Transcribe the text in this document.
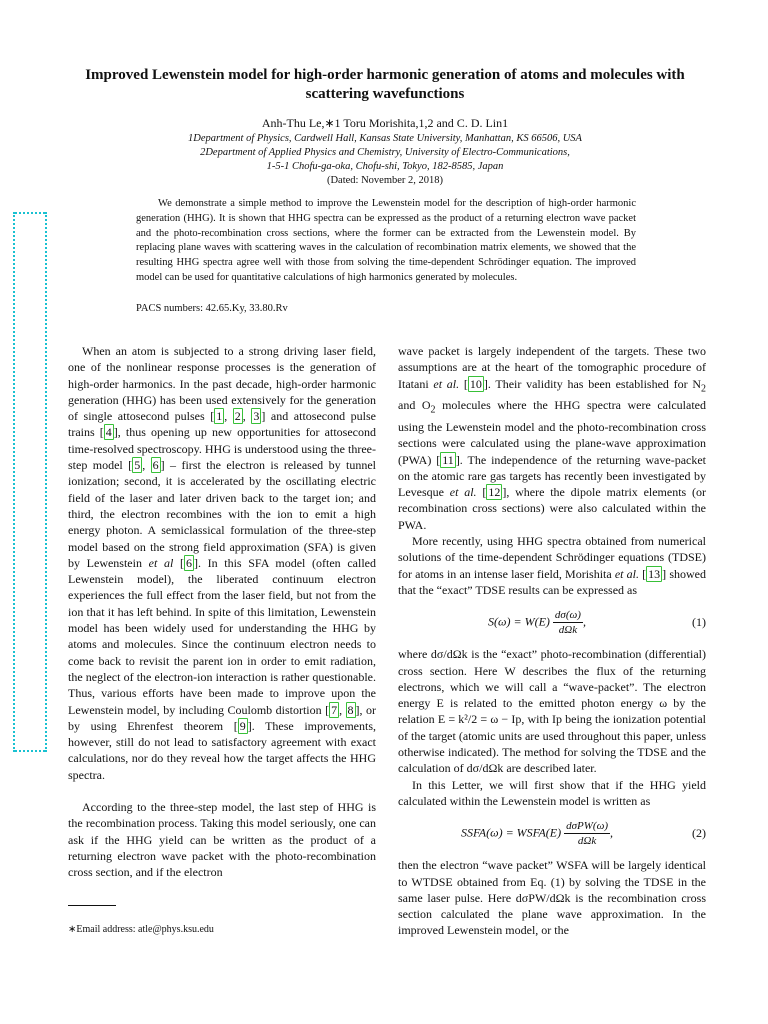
Improved Lewenstein model for high-order harmonic generation of atoms and molecules with scattering wavefunctions
Anh-Thu Le,∗1 Toru Morishita,1,2 and C. D. Lin1
1Department of Physics, Cardwell Hall, Kansas State University, Manhattan, KS 66506, USA
2Department of Applied Physics and Chemistry, University of Electro-Communications,
1-5-1 Chofu-ga-oka, Chofu-shi, Tokyo, 182-8585, Japan
(Dated: November 2, 2018)
We demonstrate a simple method to improve the Lewenstein model for the description of high-order harmonic generation (HHG). It is shown that HHG spectra can be expressed as the product of a returning electron wave packet and the photo-recombination cross sections, where the former can be extracted from the Lewenstein model. By replacing plane waves with scattering waves in the calculation of recombination matrix elements, we showed that the resulting HHG spectra agree well with those from solving the time-dependent Schrödinger equation. The improved model can be used for quantitative calculations of high harmonics generated by molecules.
PACS numbers: 42.65.Ky, 33.80.Rv

When an atom is subjected to a strong driving laser field, one of the nonlinear response processes is the generation of high-order harmonics. In the past decade, high-order harmonic generation (HHG) has been used extensively for the generation of single attosecond pulses [ 1 , 2 , 3 ] and attosecond pulse trains [ 4 ], thus opening up new opportunities for attosecond time-resolved spectroscopy. HHG is understood using the three-step model [ 5 , 6 ] – first the electron is released by tunnel ionization; second, it is accelerated by the oscillating electric field of the laser and later driven back to the target ion; and third, the electron recombines with the ion to emit a high energy photon. A semiclassical formulation of the three-step model based on the strong field approximation (SFA) is given by Lewenstein et al [ 6 ]. In this SFA model (often called Lewenstein model), the liberated continuum electron experiences the full effect from the laser field, but not from the ion that it has left behind. In spite of this limitation, Lewenstein model has been widely used for understanding the HHG by atoms and molecules. Since the continuum electron needs to come back to revisit the parent ion in order to emit radiation, the neglect of the electron-ion interaction is rather questionable. Thus, various efforts have been made to improve upon the Lewenstein model, by including Coulomb distortion [ 7 , 8 ], or by using Ehrenfest theorem [ 9 ]. These improvements, however, still do not lead to satisfactory agreement with exact calculations, nor do they reveal how the target affects the HHG spectra.

According to the three-step model, the last step of HHG is the recombination process. Taking this model seriously, one can ask if the HHG yield can be written as the product of a returning electron wave packet with the photo-recombination cross section, and if the electron

wave packet is largely independent of the targets. These two assumptions are at the heart of the tomographic procedure of Itatani et al. [ 10 ]. Their validity has been established for $N_2$ and $O_2$ molecules where the HHG spectra were calculated using the Lewenstein model and the photo-recombination cross sections were calculated using the plane-wave approximation (PWA) [ 11 ]. The independence of the returning wave-packet on the atomic rare gas targets has recently been investigated by Levesque et al. [ 12 ], where the dipole matrix elements (or recombination cross sections) were also calculated within the PWA.

More recently, using HHG spectra obtained from numerical solutions of the time-dependent Schrödinger equations (TDSE) for atoms in an intense laser field, Morishita et al. [ 13 ] showed that the “exact” TDSE results can be expressed as

$S(\omega) = W(E) \frac{d\sigma(\omega)}{\text{dΩk}}$ ,	(1)

where dσ/dΩk is the “exact” photo-recombination (differential) cross section. Here W describes the flux of the returning electrons, which we will call a “wave-packet”. The electron energy E is related to the emitted photon energy ω by the relation E = k²/2 = ω − Ip, with Ip being the ionization potential of the target (atomic units are used throughout this paper, unless otherwise indicated). The method for solving the TDSE and the calculation of dσ/dΩk are described later.

In this Letter, we will first show that if the HHG yield calculated within the Lewenstein model is written as

SSFA(ω) = WSFA(E) $\frac{\text{dσPW(ω)}}{\text{dΩk}}$ ,	(2)

then the electron “wave packet” WSFA will be largely identical to WTDSE obtained from Eq. (1) by solving the TDSE in the same laser pulse. Here dσPW/dΩk is the recombination cross section calculated the plane wave approximation. In the improved Lewenstein model, or the

∗Email address: atle@phys.ksu.edu
